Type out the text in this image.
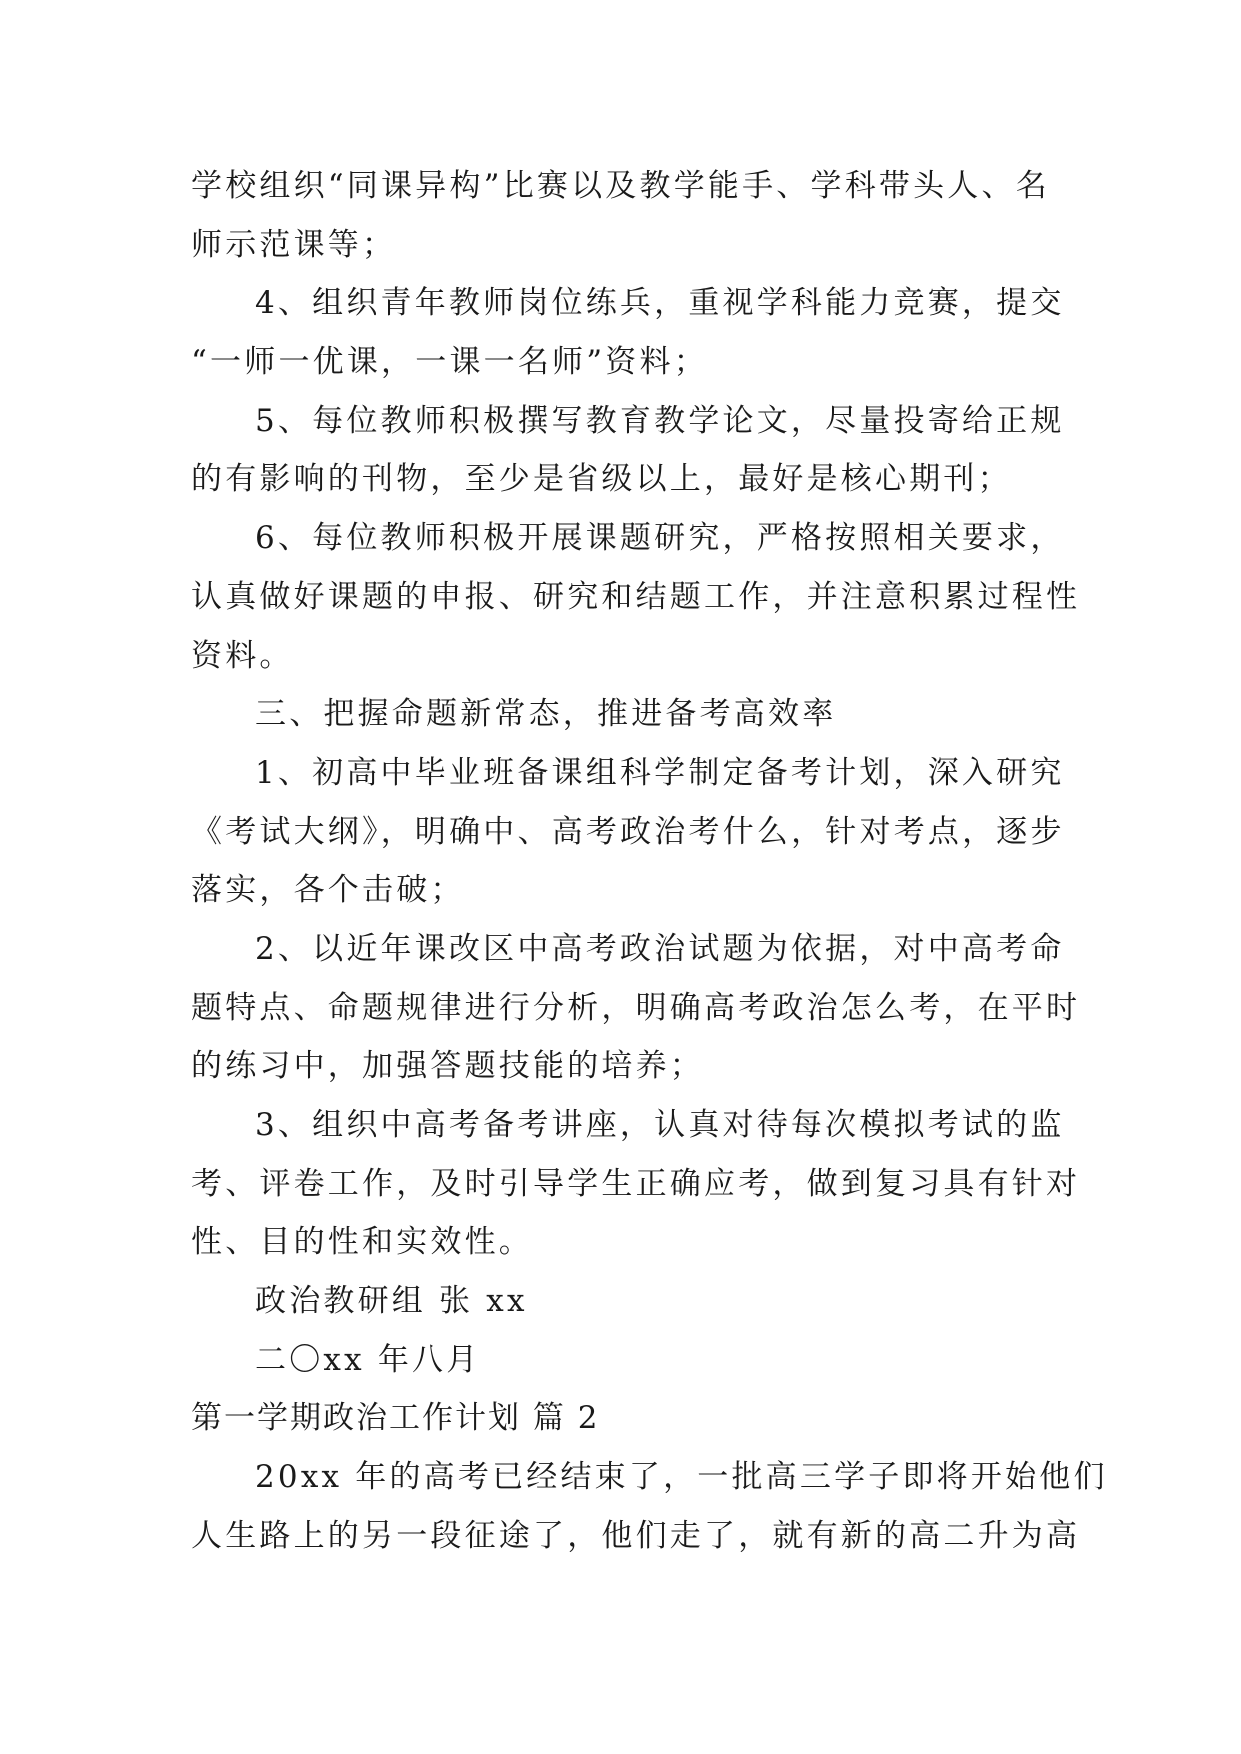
学校组织“同课异构”比赛以及教学能手、学科带头人、名
师示范课等；
4、组织青年教师岗位练兵，重视学科能力竞赛，提交
“一师一优课，一课一名师”资料；
5、每位教师积极撰写教育教学论文，尽量投寄给正规
的有影响的刊物，至少是省级以上，最好是核心期刊；
6、每位教师积极开展课题研究，严格按照相关要求，
认真做好课题的申报、研究和结题工作，并注意积累过程性
资料。
三、把握命题新常态，推进备考高效率
1、初高中毕业班备课组科学制定备考计划，深入研究
《考试大纲》，明确中、高考政治考什么，针对考点，逐步
落实，各个击破；
2、以近年课改区中高考政治试题为依据，对中高考命
题特点、命题规律进行分析，明确高考政治怎么考，在平时
的练习中，加强答题技能的培养；
3、组织中高考备考讲座，认真对待每次模拟考试的监
考、评卷工作，及时引导学生正确应考，做到复习具有针对
性、目的性和实效性。
政治教研组 张 xx
二〇xx 年八月
第一学期政治工作计划 篇 2
20xx 年的高考已经结束了，一批高三学子即将开始他们
人生路上的另一段征途了，他们走了，就有新的高二升为高
